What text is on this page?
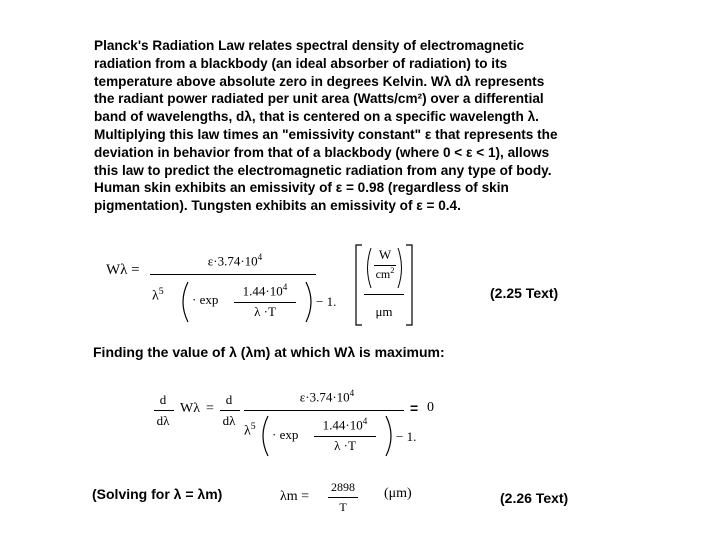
Planck's Radiation Law relates spectral density of electromagnetic
radiation from a blackbody (an ideal absorber of radiation) to its
temperature above absolute zero in degrees Kelvin. Wλ dλ represents
the radiant power radiated per unit area (Watts/cm²) over a differential
band of wavelengths, dλ, that is centered on a specific wavelength λ.
Multiplying this law times an "emissivity constant" ε that represents the
deviation in behavior from that of a blackbody (where 0 < ε < 1), allows
this law to predict the electromagnetic radiation from any type of body.
Human skin exhibits an emissivity of ε = 0.98 (regardless of skin
pigmentation). Tungsten exhibits an emissivity of ε = 0.4.
Wλ =
$\varepsilon\cdot 3.74\cdot 10^4$
$\lambda^5$
· exp
$1.44\cdot 10^4$
λ ·T
− 1.
W
$cm^2$
μm
(2.25 Text)
Finding the value of λ (λm) at which Wλ is maximum:
d
dλ
Wλ =
d
dλ
$\varepsilon\cdot 3.74\cdot 10^4$
$\lambda^5$
· exp
$1.44\cdot 10^4$
λ ·T
− 1.
= 0
(Solving for λ = λm)	λm =
2898
T
(μm)	(2.26 Text)
